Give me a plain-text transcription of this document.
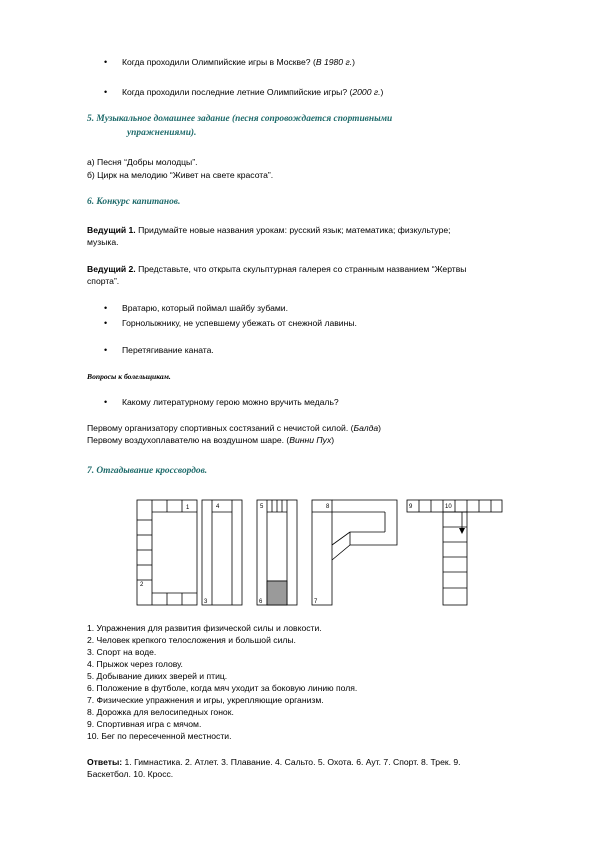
• Когда проходили Олимпийские игры в Москве? (В 1980 г.)
• Когда проходили последние летние Олимпийские игры? (2000 г.)
5. Музыкальное домашнее задание (песня сопровождается спортивными
упражнениями).
а) Песня “Добры молодцы”.
б) Цирк на мелодию “Живет на свете красота”.
6. Конкурс капитанов.
Ведущий 1. Придумайте новые названия урокам: русский язык; математика; физкультуре;
музыка.
Ведущий 2. Представьте, что открыта скульптурная галерея со странным названием “Жертвы
спорта”.
• Вратарю, который поймал шайбу зубами.
• Горнолыжнику, не успевшему убежать от снежной лавины.
• Перетягивание каната.
Вопросы к болельщикам.
• Какому литературному герою можно вручить медаль?
Первому организатору спортивных состязаний с нечистой силой. (Балда)
Первому воздухоплавателю на воздушном шаре. (Винни Пух)
7. Отгадывание кроссвордов.
1
2
3
4	5
6	7
8	9	10
1. Упражнения для развития физической силы и ловкости.
2. Человек крепкого телосложения и большой силы.
3. Спорт на воде.
4. Прыжок через голову.
5. Добывание диких зверей и птиц.
6. Положение в футболе, когда мяч уходит за боковую линию поля.
7. Физические упражнения и игры, укрепляющие организм.
8. Дорожка для велосипедных гонок.
9. Спортивная игра с мячом.
10. Бег по пересеченной местности.
Ответы: 1. Гимнастика. 2. Атлет. 3. Плавание. 4. Сальто. 5. Охота. 6. Аут. 7. Спорт. 8. Трек. 9.
Баскетбол. 10. Кросс.
